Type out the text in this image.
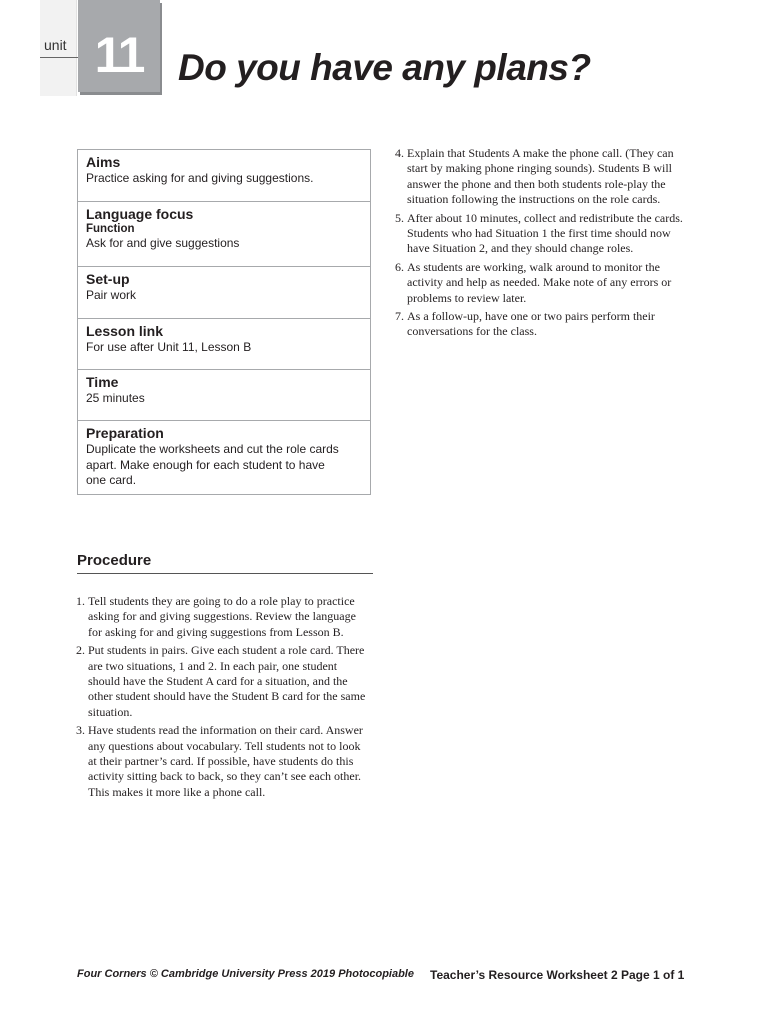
unit 11 Do you have any plans?
Aims
Practice asking for and giving suggestions.
Language focus
Function
Ask for and give suggestions
Set-up
Pair work
Lesson link
For use after Unit 11, Lesson B
Time
25 minutes
Preparation
Duplicate the worksheets and cut the role cards apart. Make enough for each student to have one card.
Procedure
1. Tell students they are going to do a role play to practice asking for and giving suggestions. Review the language for asking for and giving suggestions from Lesson B.
2. Put students in pairs. Give each student a role card. There are two situations, 1 and 2. In each pair, one student should have the Student A card for a situation, and the other student should have the Student B card for the same situation.
3. Have students read the information on their card. Answer any questions about vocabulary. Tell students not to look at their partner’s card. If possible, have students do this activity sitting back to back, so they can’t see each other. This makes it more like a phone call.
4. Explain that Students A make the phone call. (They can start by making phone ringing sounds). Students B will answer the phone and then both students role-play the situation following the instructions on the role cards.
5. After about 10 minutes, collect and redistribute the cards. Students who had Situation 1 the first time should now have Situation 2, and they should change roles.
6. As students are working, walk around to monitor the activity and help as needed. Make note of any errors or problems to review later.
7. As a follow-up, have one or two pairs perform their conversations for the class.
Four Corners © Cambridge University Press 2019 Photocopiable Teacher’s Resource Worksheet 2 Page 1 of 1
